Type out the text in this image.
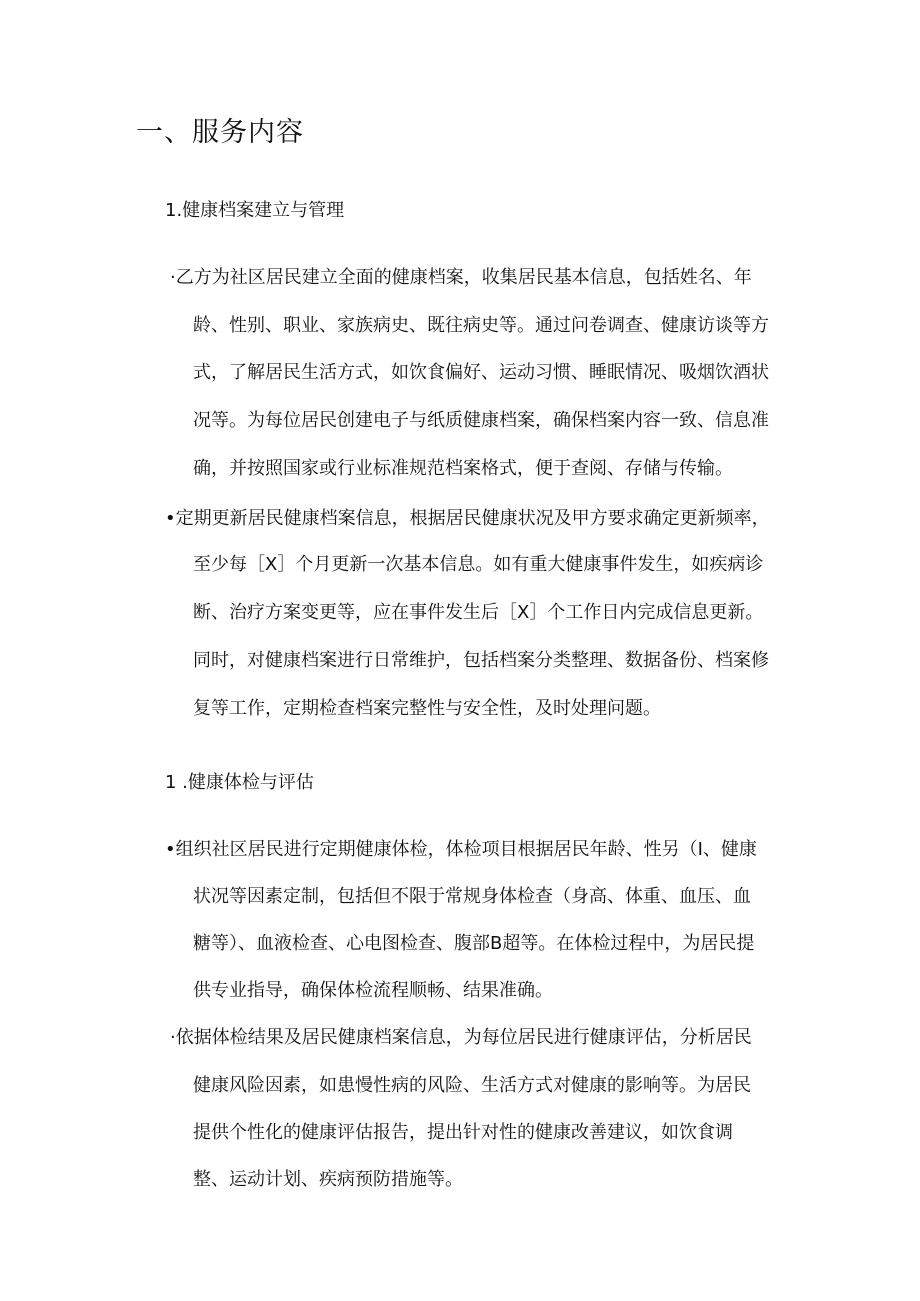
一、服务内容
1.健康档案建立与管理
·乙方为社区居民建立全面的健康档案，收集居民基本信息，包括姓名、年
龄、性别、职业、家族病史、既往病史等。通过问卷调查、健康访谈等方
式，了解居民生活方式，如饮食偏好、运动习惯、睡眠情况、吸烟饮酒状
况等。为每位居民创建电子与纸质健康档案，确保档案内容一致、信息准
确，并按照国家或行业标准规范档案格式，便于查阅、存储与传输。
•定期更新居民健康档案信息，根据居民健康状况及甲方要求确定更新频率，
至少每［X］个月更新一次基本信息。如有重大健康事件发生，如疾病诊
断、治疗方案变更等，应在事件发生后［X］个工作日内完成信息更新。
同时，对健康档案进行日常维护，包括档案分类整理、数据备份、档案修
复等工作，定期检查档案完整性与安全性，及时处理问题。
1 .健康体检与评估
•组织社区居民进行定期健康体检，体检项目根据居民年龄、性另（I、健康
状况等因素定制，包括但不限于常规身体检查（身高、体重、血压、血
糖等）、血液检查、心电图检查、腹部B超等。在体检过程中，为居民提
供专业指导，确保体检流程顺畅、结果准确。
·依据体检结果及居民健康档案信息，为每位居民进行健康评估，分析居民
健康风险因素，如患慢性病的风险、生活方式对健康的影响等。为居民
提供个性化的健康评估报告，提出针对性的健康改善建议，如饮食调
整、运动计划、疾病预防措施等。
